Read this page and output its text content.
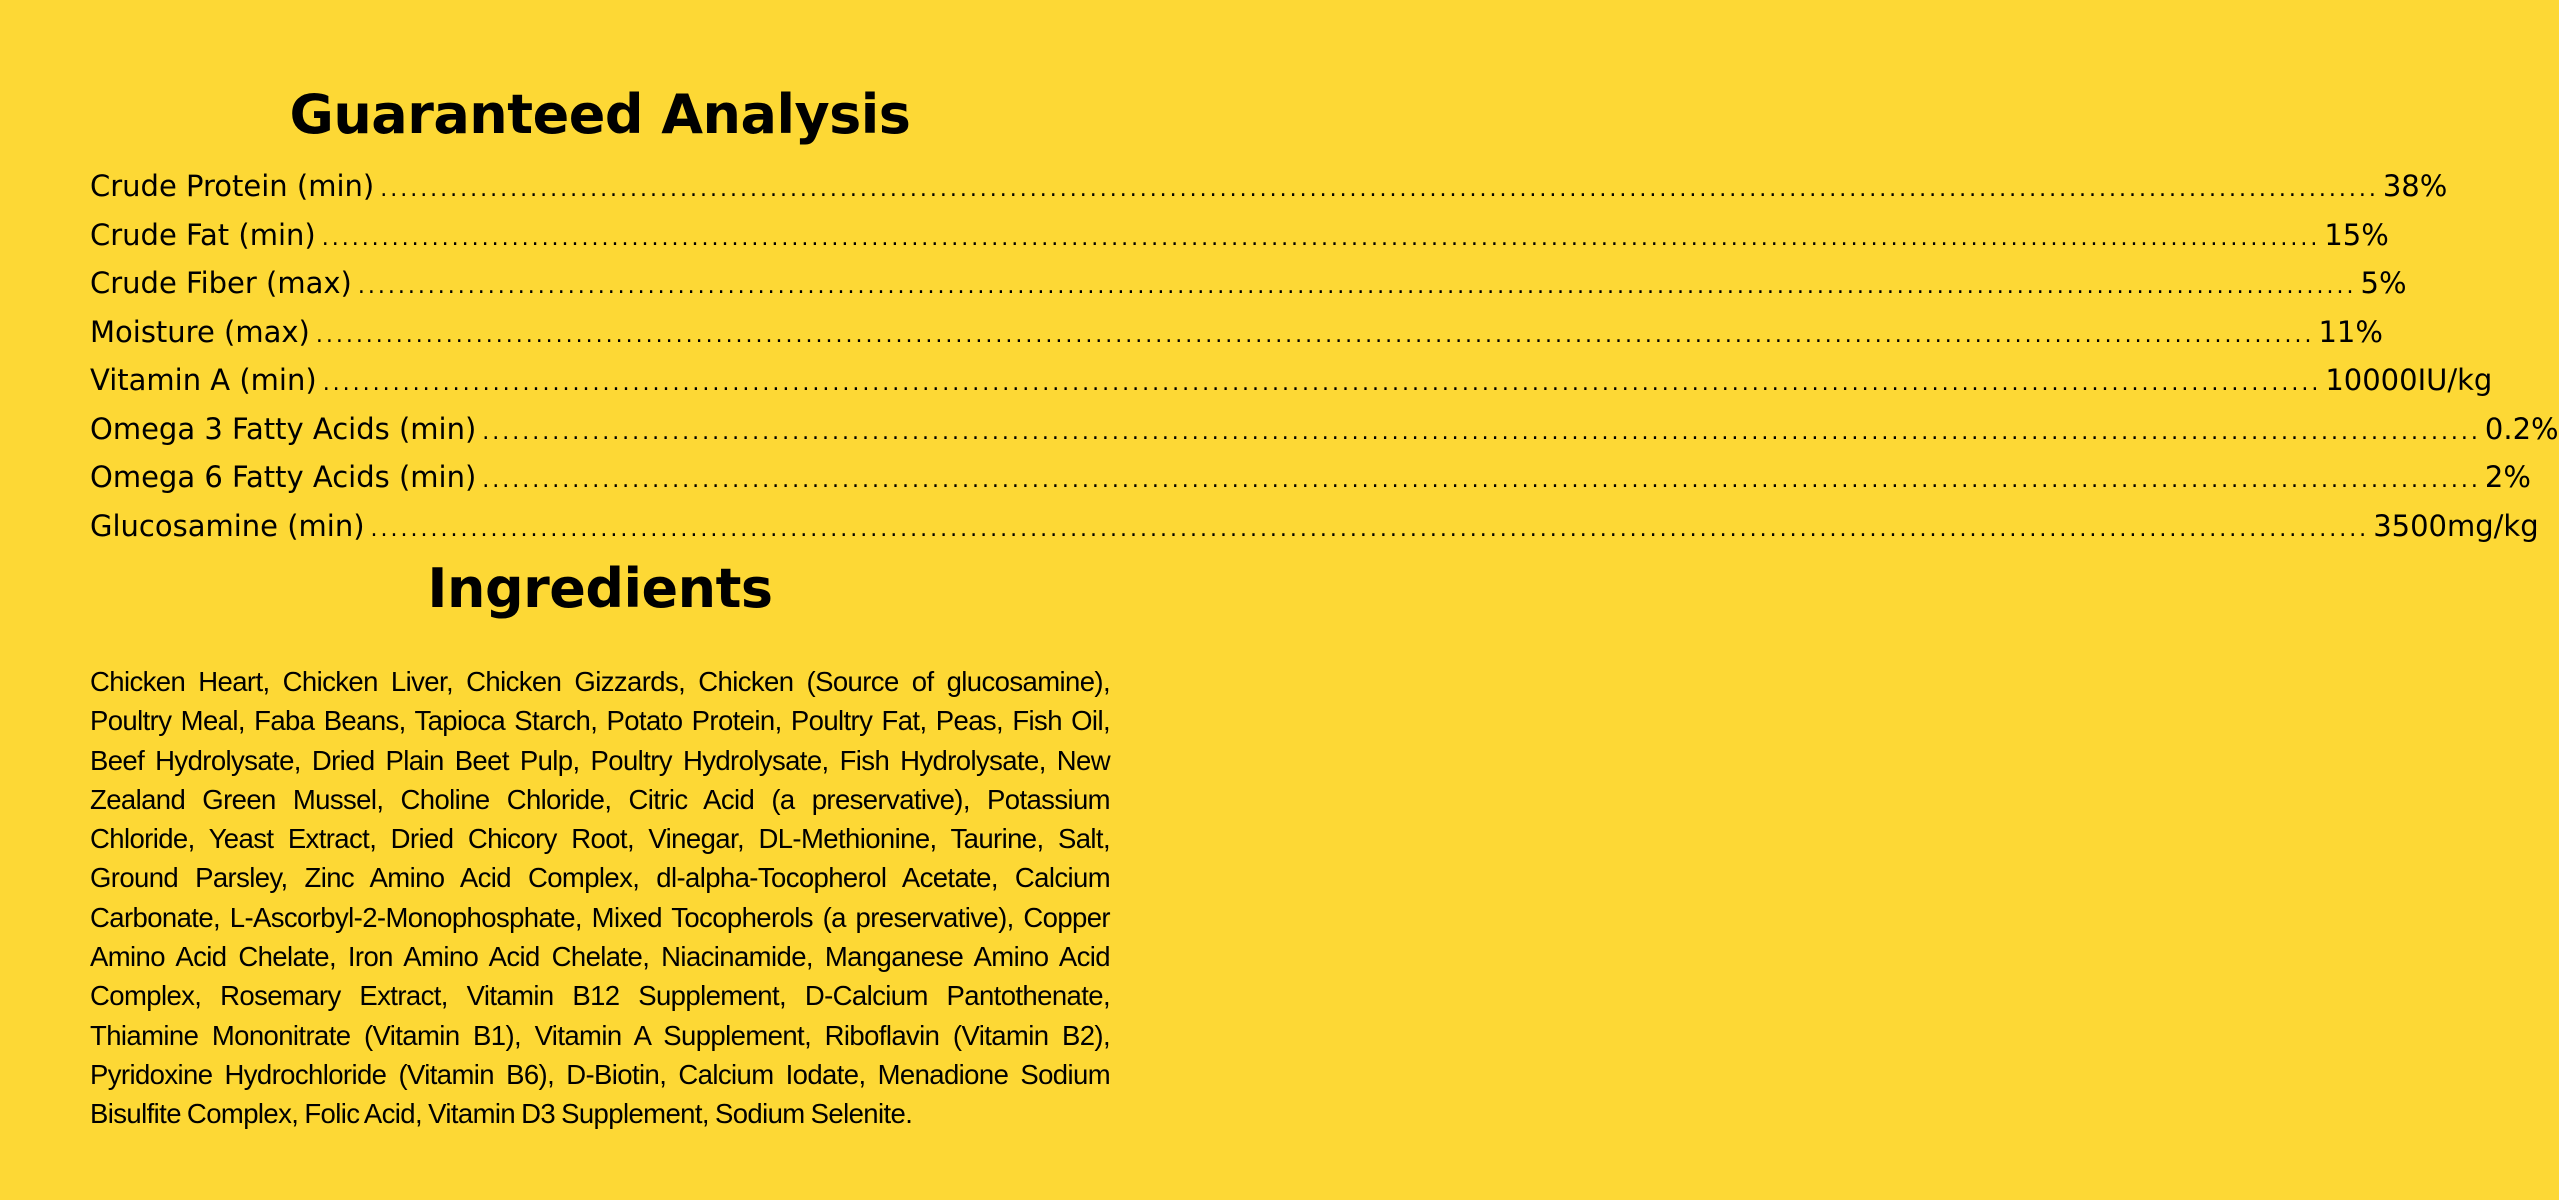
Guaranteed Analysis
Crude Protein (min) ........................................................................................................................................................................................................ 38%
Crude Fat (min) ........................................................................................................................................................................................................ 15%
Crude Fiber (max) ........................................................................................................................................................................................................ 5%
Moisture (max) ........................................................................................................................................................................................................ 11%
Vitamin A (min) ........................................................................................................................................................................................................ 10000IU/kg
Omega 3 Fatty Acids (min) ........................................................................................................................................................................................................ 0.2%
Omega 6 Fatty Acids (min) ........................................................................................................................................................................................................ 2%
Glucosamine (min) ........................................................................................................................................................................................................ 3500mg/kg
Ingredients

Chicken Heart, Chicken Liver, Chicken Gizzards, Chicken (Source of glucosamine), Poultry Meal, Faba Beans, Tapioca Starch, Potato Protein, Poultry Fat, Peas, Fish Oil, Beef Hydrolysate, Dried Plain Beet Pulp, Poultry Hydrolysate, Fish Hydrolysate, New Zealand Green Mussel, Choline Chloride, Citric Acid (a preservative), Potassium Chloride, Yeast Extract, Dried Chicory Root, Vinegar, DL-Methionine, Taurine, Salt, Ground Parsley, Zinc Amino Acid Complex, dl-alpha-Tocopherol Acetate, Calcium Carbonate, L-Ascorbyl-2-Monophosphate, Mixed Tocopherols (a preservative), Copper Amino Acid Chelate, Iron Amino Acid Chelate, Niacinamide, Manganese Amino Acid Complex, Rosemary Extract, Vitamin B12 Supplement, D-Calcium Pantothenate, Thiamine Mononitrate (Vitamin B1), Vitamin A Supplement, Riboflavin (Vitamin B2), Pyridoxine Hydrochloride (Vitamin B6), D-Biotin, Calcium Iodate, Menadione Sodium Bisulfite Complex, Folic Acid, Vitamin D3 Supplement, Sodium Selenite.
